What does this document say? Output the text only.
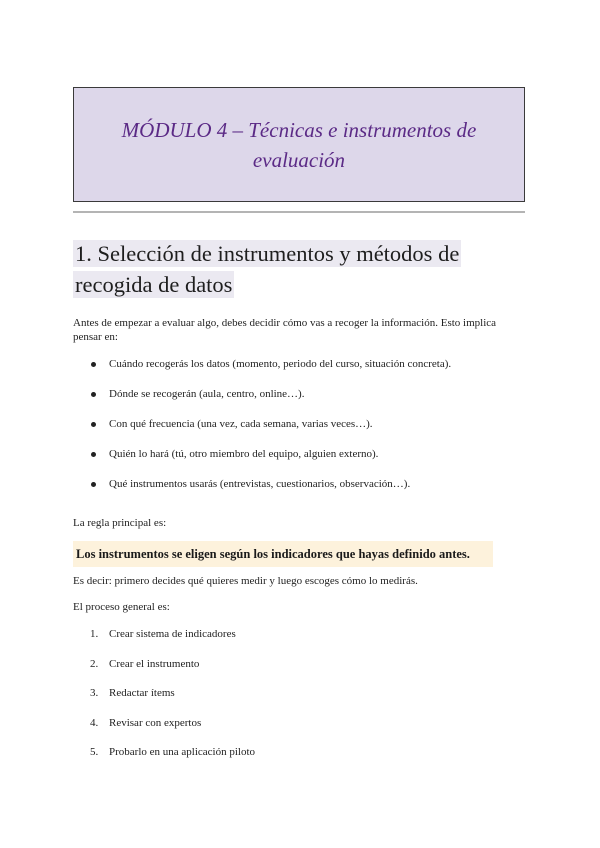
MÓDULO 4 – Técnicas e instrumentos de evaluación
1. Selección de instrumentos y métodos de recogida de datos

Antes de empezar a evaluar algo, debes decidir cómo vas a recoger la información. Esto implica pensar en:

Cuándo recogerás los datos (momento, periodo del curso, situación concreta).
Dónde se recogerán (aula, centro, online…).
Con qué frecuencia (una vez, cada semana, varias veces…).
Quién lo hará (tú, otro miembro del equipo, alguien externo).
Qué instrumentos usarás (entrevistas, cuestionarios, observación…).

La regla principal es:

Los instrumentos se eligen según los indicadores que hayas definido antes.

Es decir: primero decides qué quieres medir y luego escoges cómo lo medirás.

El proceso general es:

1. Crear sistema de indicadores
2. Crear el instrumento
3. Redactar ítems
4. Revisar con expertos
5. Probarlo en una aplicación piloto
